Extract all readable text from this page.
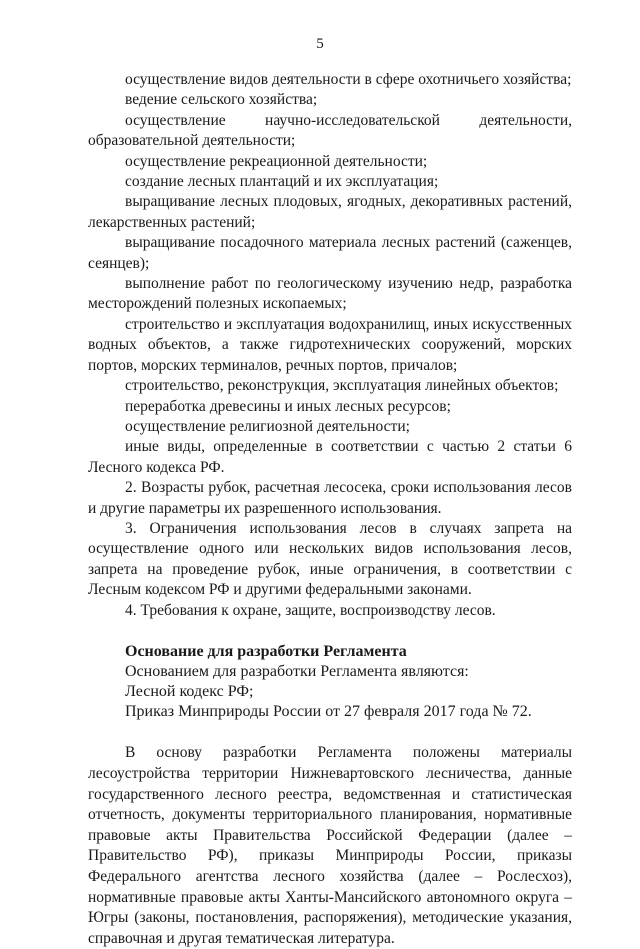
5

осуществление видов деятельности в сфере охотничьего хозяйства;

ведение сельского хозяйства;

осуществление научно-исследовательской деятельности, образовательной деятельности;

осуществление рекреационной деятельности;

создание лесных плантаций и их эксплуатация;

выращивание лесных плодовых, ягодных, декоративных растений, лекарственных растений;

выращивание посадочного материала лесных растений (саженцев, сеянцев);

выполнение работ по геологическому изучению недр, разработка месторождений полезных ископаемых;

строительство и эксплуатация водохранилищ, иных искусственных водных объектов, а также гидротехнических сооружений, морских портов, морских терминалов, речных портов, причалов;

строительство, реконструкция, эксплуатация линейных объектов;

переработка древесины и иных лесных ресурсов;

осуществление религиозной деятельности;

иные виды, определенные в соответствии с частью 2 статьи 6 Лесного кодекса РФ.

2. Возрасты рубок, расчетная лесосека, сроки использования лесов и другие параметры их разрешенного использования.

3. Ограничения использования лесов в случаях запрета на осуществление одного или нескольких видов использования лесов, запрета на проведение рубок, иные ограничения, в соответствии с Лесным кодексом РФ и другими федеральными законами.

4. Требования к охране, защите, воспроизводству лесов.

Основание для разработки Регламента

Основанием для разработки Регламента являются:

Лесной кодекс РФ;

Приказ Минприроды России от 27 февраля 2017 года № 72.

В основу разработки Регламента положены материалы лесоустройства территории Нижневартовского лесничества, данные государственного лесного реестра, ведомственная и статистическая отчетность, документы территориального планирования, нормативные правовые акты Правительства Российской Федерации (далее – Правительство РФ), приказы Минприроды России, приказы Федерального агентства лесного хозяйства (далее – Рослесхоз), нормативные правовые акты Ханты-Мансийского автономного округа – Югры (законы, постановления, распоряжения), методические указания, справочная и другая тематическая литература.
